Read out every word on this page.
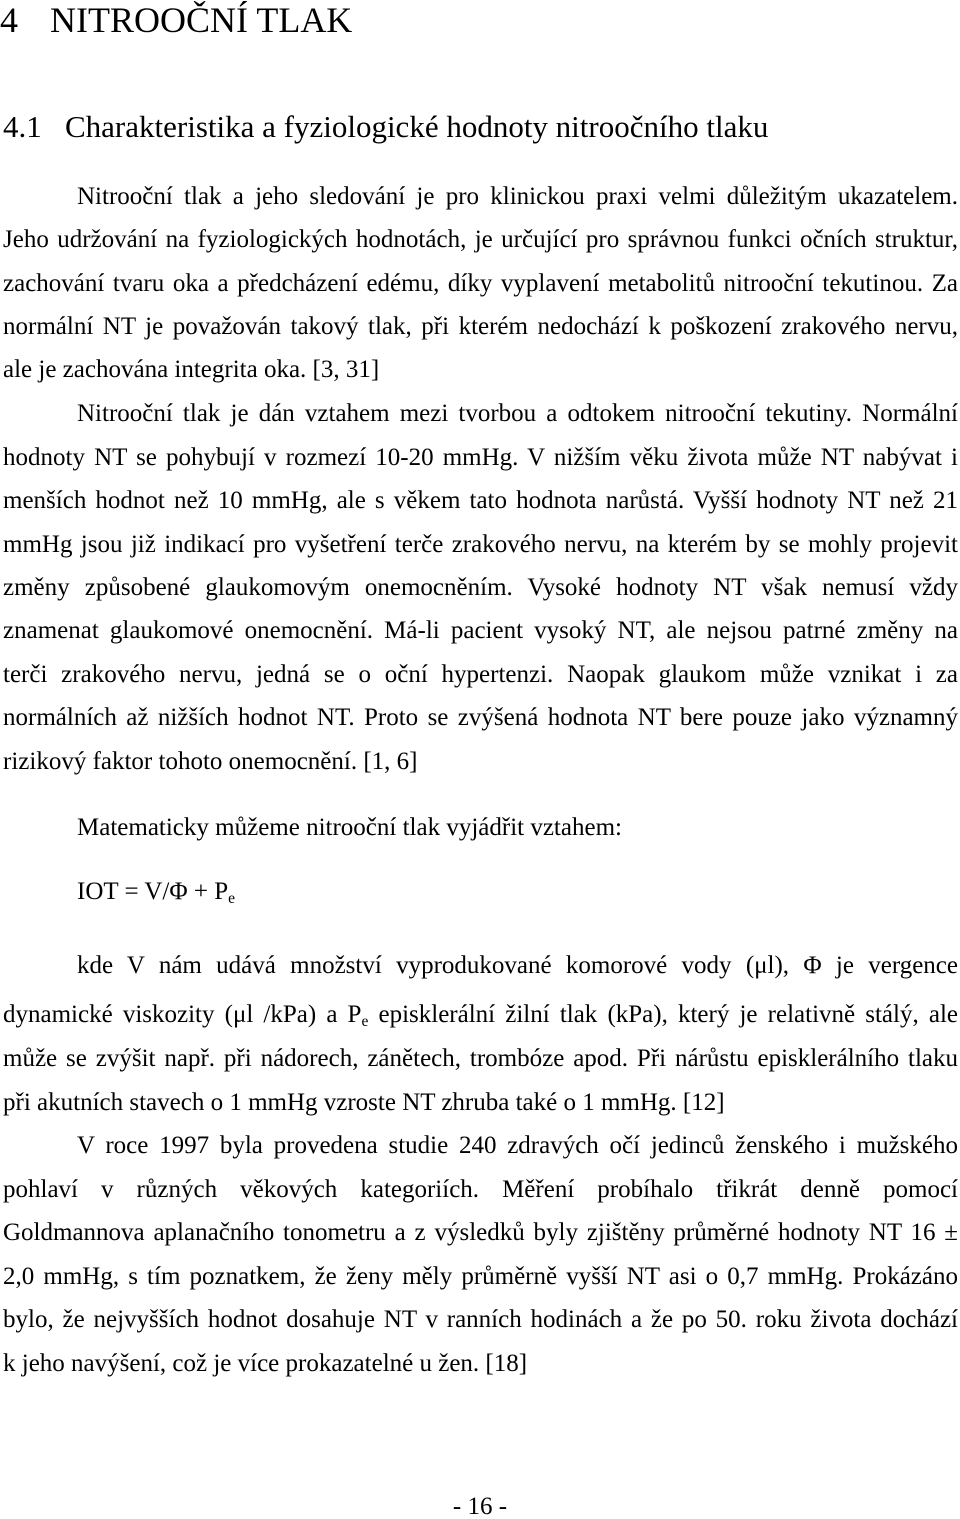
4 NITROOČNÍ TLAK
4.1 Charakteristika a fyziologické hodnoty nitroočního tlaku
Nitrooční tlak a jeho sledování je pro klinickou praxi velmi důležitým ukazatelem.
Jeho udržování na fyziologických hodnotách, je určující pro správnou funkci očních struktur,
zachování tvaru oka a předcházení edému, díky vyplavení metabolitů nitrooční tekutinou. Za
normální NT je považován takový tlak, při kterém nedochází k poškození zrakového nervu,
ale je zachována integrita oka. [3, 31]
Nitrooční tlak je dán vztahem mezi tvorbou a odtokem nitrooční tekutiny. Normální
hodnoty NT se pohybují v rozmezí 10-20 mmHg. V nižším věku života může NT nabývat i
menších hodnot než 10 mmHg, ale s věkem tato hodnota narůstá. Vyšší hodnoty NT než 21
mmHg jsou již indikací pro vyšetření terče zrakového nervu, na kterém by se mohly projevit
změny způsobené glaukomovým onemocněním. Vysoké hodnoty NT však nemusí vždy
znamenat glaukomové onemocnění. Má-li pacient vysoký NT, ale nejsou patrné změny na
terči zrakového nervu, jedná se o oční hypertenzi. Naopak glaukom může vznikat i za
normálních až nižších hodnot NT. Proto se zvýšená hodnota NT bere pouze jako významný
rizikový faktor tohoto onemocnění. [1, 6]
Matematicky můžeme nitrooční tlak vyjádřit vztahem:
IOT = $V/\Phi + P_e$
kde V nám udává množství vyprodukované komorové vody (μl), Φ je vergence
dynamické viskozity (μl /kPa) a $P_e$ episklerální žilní tlak (kPa), který je relativně stálý, ale
může se zvýšit např. při nádorech, zánětech, trombóze apod. Při nárůstu episklerálního tlaku
při akutních stavech o 1 mmHg vzroste NT zhruba také o 1 mmHg. [12]
V roce 1997 byla provedena studie 240 zdravých očí jedinců ženského i mužského
pohlaví v různých věkových kategoriích. Měření probíhalo třikrát denně pomocí
Goldmannova aplanačního tonometru a z výsledků byly zjištěny průměrné hodnoty NT 16 ±
2,0 mmHg, s tím poznatkem, že ženy měly průměrně vyšší NT asi o 0,7 mmHg. Prokázáno
bylo, že nejvyšších hodnot dosahuje NT v ranních hodinách a že po 50. roku života dochází
k jeho navýšení, což je více prokazatelné u žen. [18]
- 16 -
